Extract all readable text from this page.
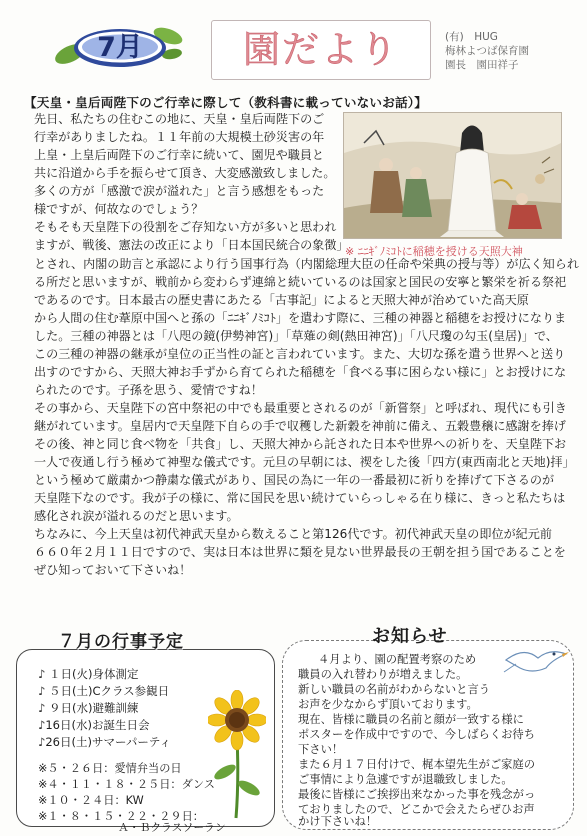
7月	園だより	(有)　HUG
梅林よつば保育園
園長　園田祥子
【天皇・皇后両陛下のご行幸に際して（教科書に載っていないお話）】
先日、私たちの住むこの地に、天皇・皇后両陛下のご
行幸がありましたね。１１年前の大規模土砂災害の年
上皇・上皇后両陛下のご行幸に続いて、園児や職員と
共に沿道から手を振らせて頂き、大変感激致しました。
多くの方が「感激で涙が溢れた」と言う感想をもった
様ですが、何故なのでしょう？
そもそも天皇陛下の役割をご存知ない方が多いと思われ
ますが、戦後、憲法の改正により「日本国民統合の象徴」
とされ、内閣の助言と承認により行う国事行為（内閣総理大臣の任命や栄典の授与等）が広く知られ
る所だと思いますが、戦前から変わらず連綿と続いているのは国家と国民の安寧と繁栄を祈る祭祀
であるのです。日本最古の歴史書にあたる「古事記」によると天照大神が治めていた高天原
から人間の住む葦原中国へと孫の「ﾆﾆｷﾞﾉﾐｺﾄ」を遣わす際に、三種の神器と稲穂をお授けになりま
した。三種の神器とは「八咫の鏡(伊勢神宮)」「草薙の剣(熱田神宮)」「八尺瓊の勾玉(皇居)」で、
この三種の神器の継承が皇位の正当性の証と言われています。また、大切な孫を遣う世界へと送り
出すのですから、天照大神お手ずから育てられた稲穂を「食べる事に困らない様に」とお授けにな
られたのです。子孫を思う、愛情ですね！
その事から、天皇陛下の宮中祭祀の中でも最重要とされるのが「新嘗祭」と呼ばれ、現代にも引き
継がれています。皇居内で天皇陛下自らの手で収穫した新穀を神前に備え、五穀豊穣に感謝を捧げ
その後、神と同じ食べ物を「共食」し、天照大神から託された日本や世界への祈りを、天皇陛下お
一人で夜通し行う極めて神聖な儀式です。元旦の早朝には、禊をした後「四方(東西南北と天地)拝」
という極めて厳粛かつ静粛な儀式があり、国民の為に一年の一番最初に祈りを捧げて下さるのが
天皇陛下なのです。我が子の様に、常に国民を思い続けていらっしゃる在り様に、きっと私たちは
感化され涙が溢れるのだと思います。
ちなみに、今上天皇は初代神武天皇から数えること第126代です。初代神武天皇の即位が紀元前
６６０年２月１１日ですので、実は日本は世界に類を見ない世界最長の王朝を担う国であることを
ぜひ知っておいて下さいね！
※ ﾆﾆｷﾞﾉﾐｺﾄに稲穂を授ける天照大神
７月の行事予定
♪ １日(火)身体測定
♪ ５日(土)Cクラス参観日
♪ ９日(水)避難訓練
♪16日(水)お誕生日会
♪26日(土)サマーパーティ
※５・２６日：愛情弁当の日
※４・１１・１８・２５日：ダンス
※１０・２４日：KW
※１・８・１５・２２・２９日：
Ａ・Ｂクラスソーラン
お知らせ
４月より、園の配置考察のため
職員の入れ替わりが増えました。
新しい職員の名前がわからないと言う
お声を少なからず頂いております。
現在、皆様に職員の名前と顔が一致する様に
ポスターを作成中ですので、今しばらくお待ち
下さい！
また６月１７日付けで、梶本望先生がご家庭の
ご事情により急遽ですが退職致しました。
最後に皆様にご挨拶出来なかった事を残念がっ
ておりましたので、どこかで会えたらぜひお声
かけ下さいね！
